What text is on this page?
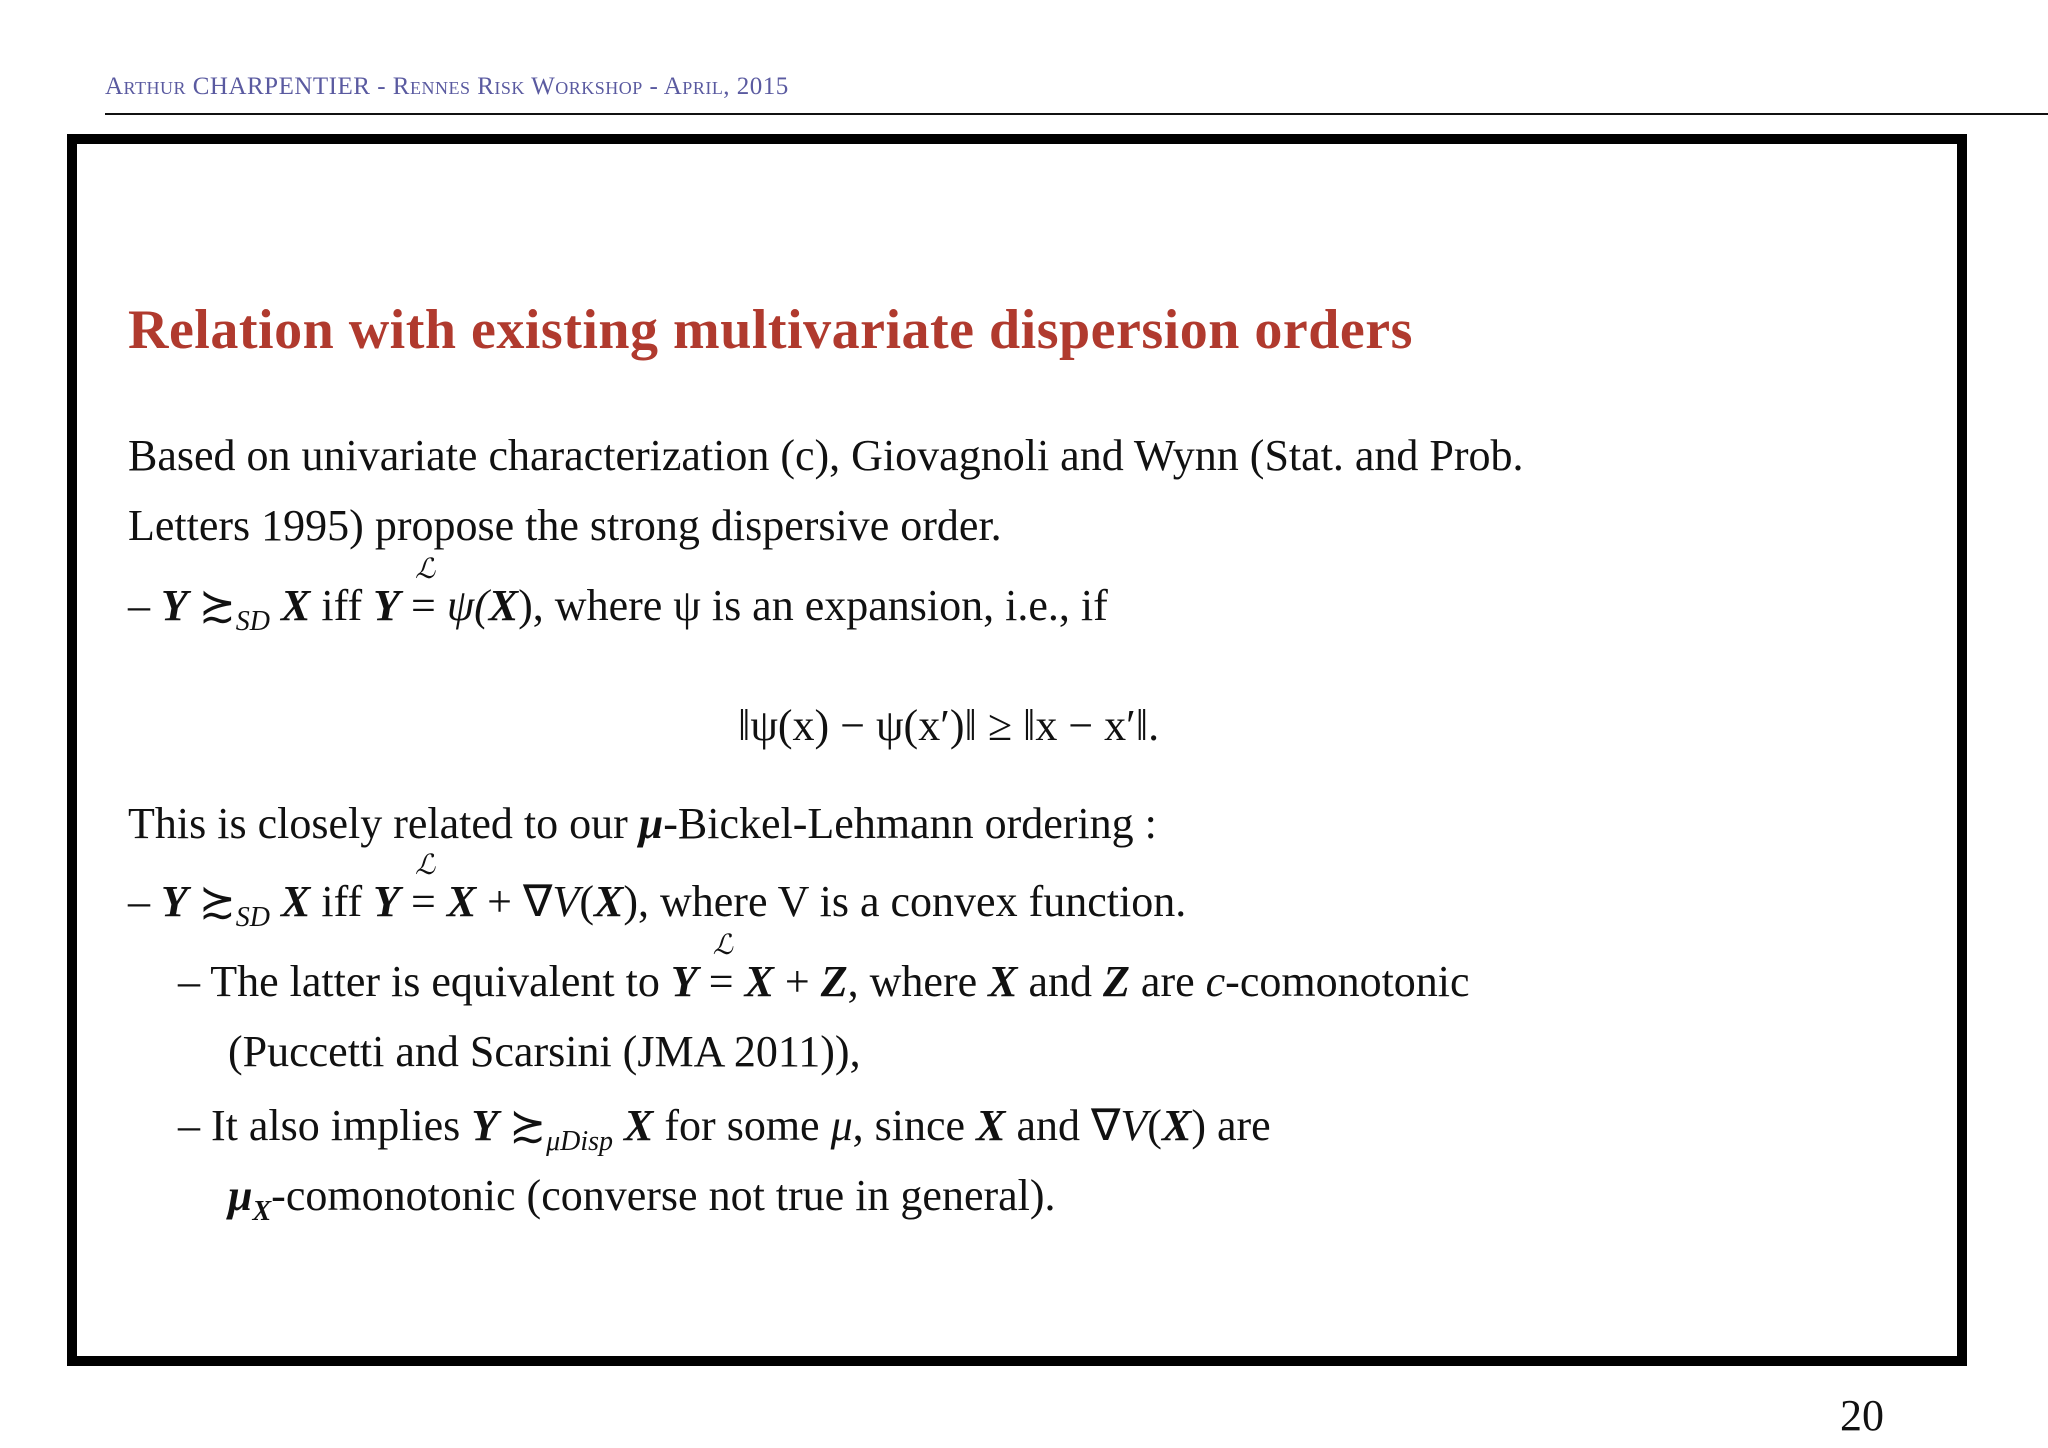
Arthur CHARPENTIER - Rennes Risk Workshop - April, 2015
Relation with existing multivariate dispersion orders
Based on univariate characterization (c), Giovagnoli and Wynn (Stat. and Prob.
Letters 1995) propose the strong dispersive order.
– Y $≿_{SD}$ X iff Y
ℒ
= ψ(X), where ψ is an expansion, i.e., if
‖ψ(x) − ψ(x′)‖ ≥ ‖x − x′‖.
This is closely related to our μ-Bickel-Lehmann ordering :
– Y $≿_{SD}$ X iff Y
ℒ
= X + ∇V(X), where V is a convex function.
– The latter is equivalent to Y
ℒ
= X + Z, where X and Z are c-comonotonic
(Puccetti and Scarsini (JMA 2011)),
– It also implies Y $≿_{\mu Disp}$ X for some μ, since X and ∇V(X) are
$\mu_X$-comonotonic (converse not true in general).
20
